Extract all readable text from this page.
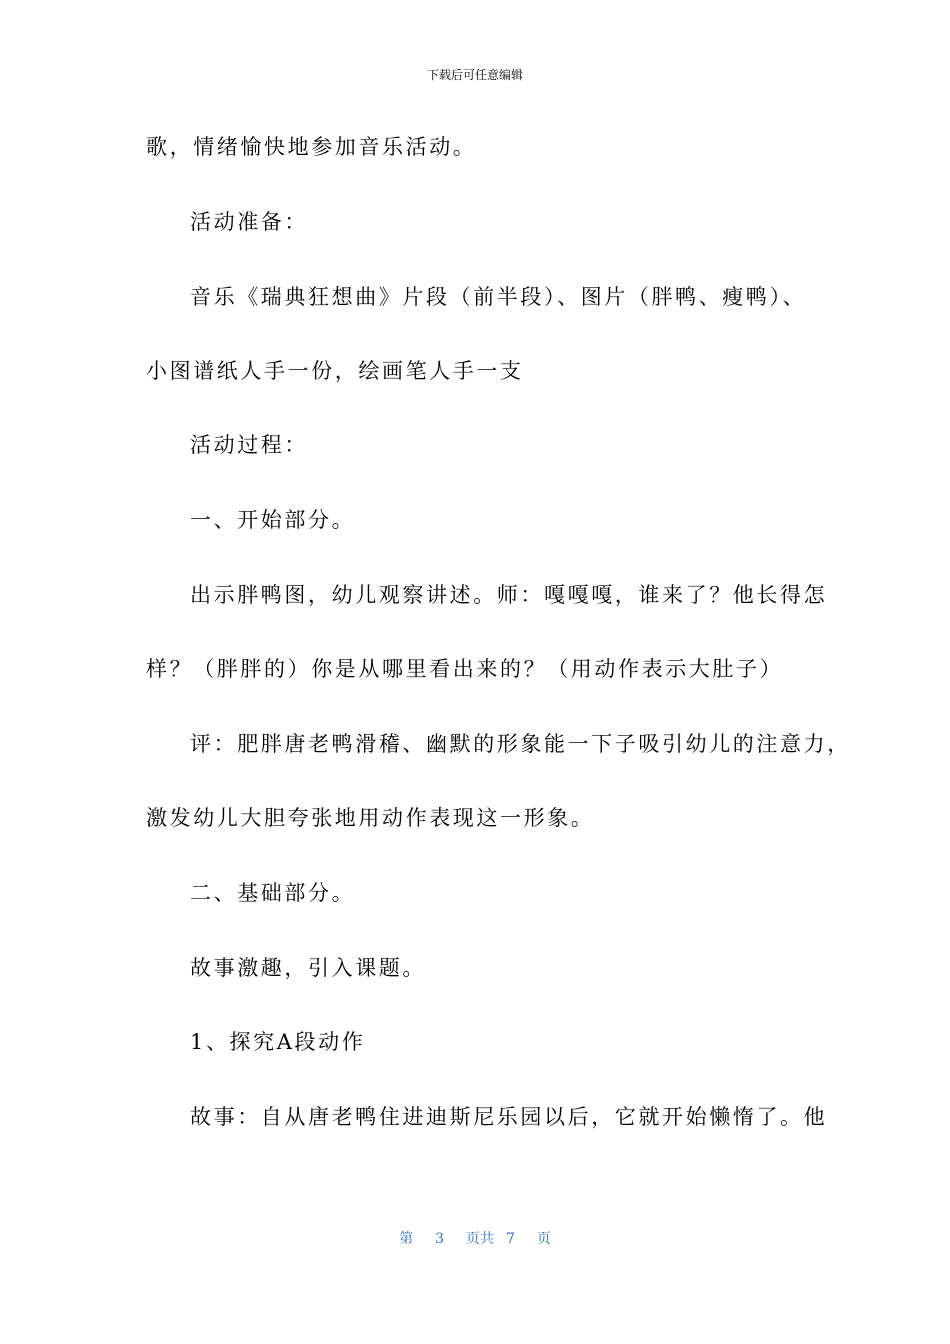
下载后可任意编辑
歌，情绪愉快地参加音乐活动。
活动准备：
音乐《瑞典狂想曲》片段（前半段）、图片（胖鸭、瘦鸭）、
小图谱纸人手一份，绘画笔人手一支
活动过程：
一、开始部分。
出示胖鸭图，幼儿观察讲述。师：嘎嘎嘎，谁来了？他长得怎
样？（胖胖的）你是从哪里看出来的？（用动作表示大肚子）
评：肥胖唐老鸭滑稽、幽默的形象能一下子吸引幼儿的注意力，
激发幼儿大胆夸张地用动作表现这一形象。
二、基础部分。
故事激趣，引入课题。
1、探究A段动作
故事：自从唐老鸭住进迪斯尼乐园以后，它就开始懒惰了。他
第 3 页共 7 页
